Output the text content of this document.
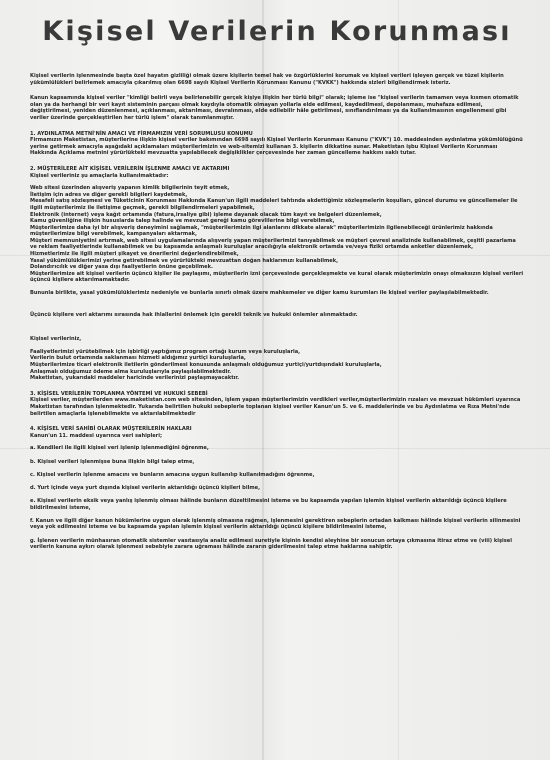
Kişisel Verilerin Korunması

Kişisel verilerin işlenmesinde başta özel hayatın gizliliği olmak üzere kişilerin temel hak ve özgürlüklerini korumak ve kişisel verileri işleyen gerçek ve tüzel kişilerin yükümlülükleri belirlemek amacıyla çıkarılmış olan 6698 sayılı Kişisel Verilerin Korunması Kanunu ("KVKK") hakkında sizleri bilgilendirmek isteriz.

Kanun kapsamında kişisel veriler "kimliği belirli veya belirlenebilir gerçek kişiye ilişkin her türlü bilgi" olarak; işleme ise "kişisel verilerin tamamen veya kısmen otomatik olan ya da herhangi bir veri kayıt sisteminin parçası olmak kaydıyla otomatik olmayan yollarla elde edilmesi, kaydedilmesi, depolanması, muhafaza edilmesi, değiştirilmesi, yeniden düzenlenmesi, açıklanması, aktarılması, devralınması, elde edilebilir hâle getirilmesi, sınıflandırılması ya da kullanılmasının engellenmesi gibi veriler üzerinde gerçekleştirilen her türlü işlem" olarak tanımlanmıştır.

1. AYDINLATMA METNİ'NİN AMACI VE FİRMAMIZIN VERİ SORUMLUSU KONUMU

Firmamızın Maketistan, müşterilerine ilişkin kişisel veriler bakımından 6698 sayılı Kişisel Verilerin Korunması Kanunu ("KVK") 10. maddesinden aydınlatma yükümlülüğünü yerine getirmek amacıyla aşağıdaki açıklamaları müşterilerimizin ve web-sitemizi kullanan 3. kişilerin dikkatine sunar. Maketistan işbu Kişisel Verilerin Korunması Hakkında Açıklama metnini yürürlükteki mevzuatta yapılabilecek değişiklikler çerçevesinde her zaman güncelleme hakkını saklı tutar.

2. MÜŞTERİLERE AİT KİŞİSEL VERİLERİN İŞLENME AMACI VE AKTARIMI

Kişisel verileriniz şu amaçlarla kullanılmaktadır:

Web sitesi üzerinden alışveriş yapanın kimlik bilgilerinin teyit etmek,

İletişim için adres ve diğer gerekli bilgileri kaydetmek,

Mesafeli satış sözleşmesi ve Tüketicinin Korunması Hakkında Kanun'un ilgili maddeleri tahtında akdettiğimiz sözleşmelerin koşulları, güncel durumu ve güncellemeler ile ilgili müşterilerimiz ile iletişime geçmek, gerekli bilgilendirmeleri yapabilmek,

Elektronik (internet) veya kağıt ortamında (fatura,irsaliye gibi) işleme dayanak olacak tüm kayıt ve belgeleri düzenlemek,

Kamu güvenliğine ilişkin hususlarda talep halinde ve mevzuat gereği kamu görevlilerine bilgi verebilmek,

Müşterilerimize daha iyi bir alışveriş deneyimini sağlamak, "müşterilerimizin ilgi alanlarını dikkate alarak" müşterilerimizin ilgilenebileceği ürünlerimiz hakkında müşterilerimize bilgi verebilmek, kampanyaları aktarmak,

Müşteri memnuniyetini artırmak, web sitesi uygulamalarında alışveriş yapan müşterilerimizi tanıyabilmek ve müşteri çevresi analizinde kullanabilmek, çeşitli pazarlama ve reklam faaliyetlerinde kullanabilmek ve bu kapsamda anlaşmalı kuruluşlar aracılığıyla elektronik ortamda ve/veya fiziki ortamda anketler düzenlemek,

Hizmetlerimiz ile ilgili müşteri şikayet ve önerilerini değerlendirebilmek,

Yasal yükümlülüklerimizi yerine getirebilmek ve yürürlükteki mevzuattan doğan haklarımızı kullanabilmek,

Dolandırıcılık ve diğer yasa dışı faaliyetlerin önüne geçebilmek.

Müşterilerimize ait kişisel verilerin üçüncü kişiler ile paylaşımı, müşterilerin izni çerçevesinde gerçekleşmekte ve kural olarak müşterimizin onayı olmaksızın kişisel verileri üçüncü kişilere aktarılmamaktadır.

Bununla birlikte, yasal yükümlülüklerimiz nedeniyle ve bunlarla sınırlı olmak üzere mahkemeler ve diğer kamu kurumları ile kişisel veriler paylaşılabilmektedir.

Üçüncü kişilere veri aktarımı sırasında hak ihlallerini önlemek için gerekli teknik ve hukuki önlemler alınmaktadır.

Kişisel verileriniz,

Faaliyetlerimizi yürütebilmek için işbirliği yaptığımız program ortağı kurum veya kuruluşlarla,

Verilerin bulut ortamında saklanması hizmeti aldığımız yurtiçi kuruluşlarla,

Müşterilerimize ticari elektronik iletilerin gönderilmesi konusunda anlaşmalı olduğumuz yurtiçi/yurtdışındaki kuruluşlarla,

Anlaşmalı olduğumuz ödeme alma kuruluşlarıyla paylaşılabilmektedir.

Maketistan, yukarıdaki maddeler haricinde verilerinizi paylaşmayacaktır.

3. KİŞİSEL VERİLERİN TOPLANMA YÖNTEMİ VE HUKUKİ SEBEBİ

Kişisel veriler, müşterilerden www.maketistan.com web sitesinden, işlem yapan müşterilerimizin verdikleri veriler,müşterilerimizin rızaları ve mevzuat hükümleri uyarınca Maketistan tarafından işlenmektedir. Yukarıda belirtilen hukuki sebeplerle toplanan kişisel veriler Kanun'un 5. ve 6. maddelerinde ve bu Aydınlatma ve Rıza Metni'nde belirtilen amaçlarla işlenebilmekte ve aktarılabilmektedir

4. KİŞİSEL VERİ SAHİBİ OLARAK MÜŞTERİLERİN HAKLARI

Kanun'un 11. maddesi uyarınca veri sahipleri;

a. Kendileri ile ilgili kişisel veri işlenip işlenmediğini öğrenme,

b. Kişisel verileri işlenmişse buna ilişkin bilgi talep etme,

c. Kişisel verilerin işlenme amacını ve bunların amacına uygun kullanılıp kullanılmadığını öğrenme,

d. Yurt içinde veya yurt dışında kişisel verilerin aktarıldığı üçüncü kişileri bilme,

e. Kişisel verilerin eksik veya yanlış işlenmiş olması hâlinde bunların düzeltilmesini isteme ve bu kapsamda yapılan işlemin kişisel verilerin aktarıldığı üçüncü kişilere bildirilmesini isteme,

f. Kanun ve ilgili diğer kanun hükümlerine uygun olarak işlenmiş olmasına rağmen, işlenmesini gerektiren sebeplerin ortadan kalkması hâlinde kişisel verilerin silinmesini veya yok edilmesini isteme ve bu kapsamda yapılan işlemin kişisel verilerin aktarıldığı üçüncü kişilere bildirilmesini isteme,

g. İşlenen verilerin münhasıran otomatik sistemler vasıtasıyla analiz edilmesi suretiyle kişinin kendisi aleyhine bir sonucun ortaya çıkmasına itiraz etme ve (viii) kişisel verilerin kanuna aykırı olarak işlenmesi sebebiyle zarara uğraması hâlinde zararın giderilmesini talep etme haklarına sahiptir.
